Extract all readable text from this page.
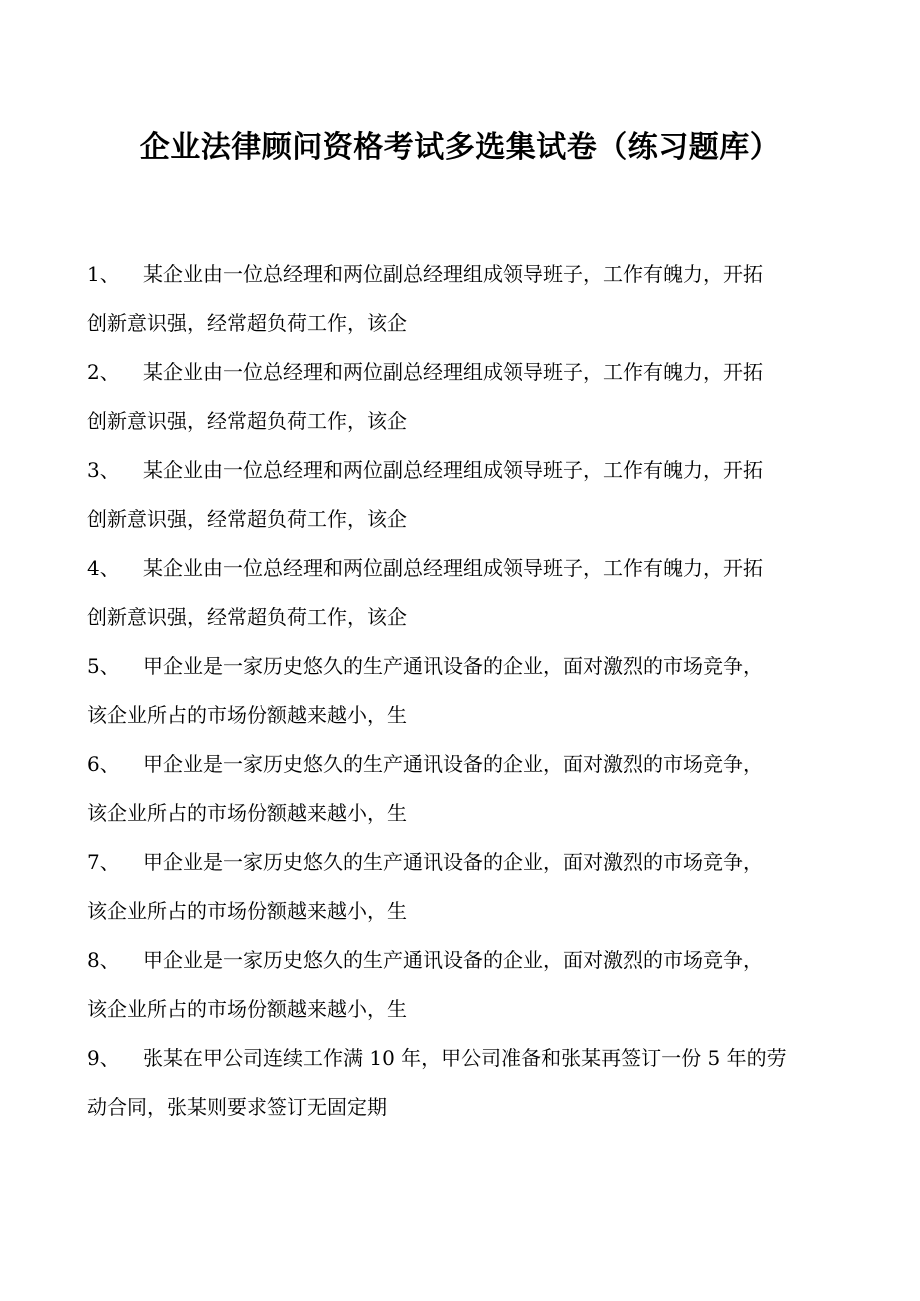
企业法律顾问资格考试多选集试卷（练习题库）
1、 某企业由一位总经理和两位副总经理组成领导班子，工作有魄力，开拓
创新意识强，经常超负荷工作，该企
2、 某企业由一位总经理和两位副总经理组成领导班子，工作有魄力，开拓
创新意识强，经常超负荷工作，该企
3、 某企业由一位总经理和两位副总经理组成领导班子，工作有魄力，开拓
创新意识强，经常超负荷工作，该企
4、 某企业由一位总经理和两位副总经理组成领导班子，工作有魄力，开拓
创新意识强，经常超负荷工作，该企
5、 甲企业是一家历史悠久的生产通讯设备的企业，面对激烈的市场竞争，
该企业所占的市场份额越来越小，生
6、 甲企业是一家历史悠久的生产通讯设备的企业，面对激烈的市场竞争，
该企业所占的市场份额越来越小，生
7、 甲企业是一家历史悠久的生产通讯设备的企业，面对激烈的市场竞争，
该企业所占的市场份额越来越小，生
8、 甲企业是一家历史悠久的生产通讯设备的企业，面对激烈的市场竞争，
该企业所占的市场份额越来越小，生
9、 张某在甲公司连续工作满 10 年，甲公司准备和张某再签订一份 5 年的劳
动合同，张某则要求签订无固定期
